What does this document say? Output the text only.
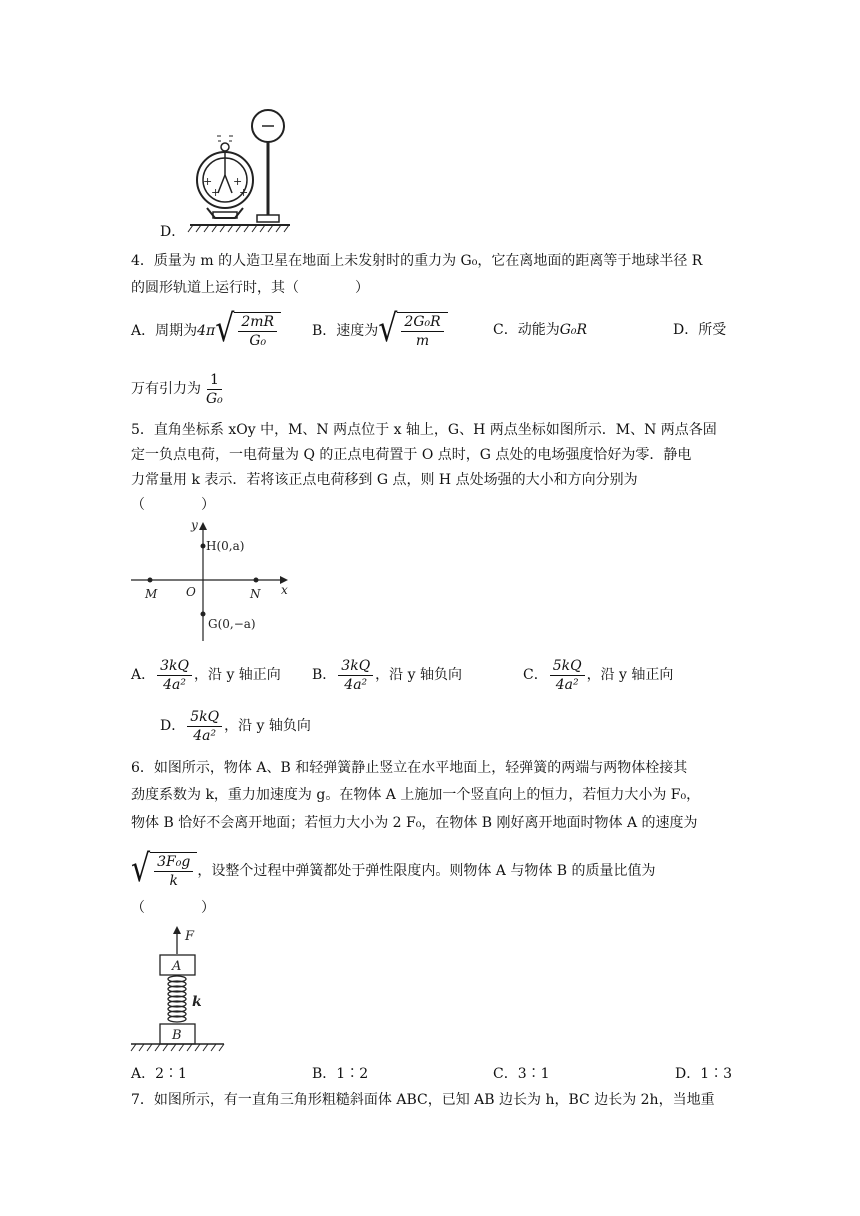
+
+
+
+
D．
4．质量为 m 的人造卫星在地面上未发射时的重力为 G₀，它在离地面的距离等于地球半径 R
的圆形轨道上运行时，其（　　　　）
A．周期为 4π √ $\frac{2mR}{\text{G₀}}$ B．速度为 √ $\frac{\text{2G₀R}}{m}$	C．动能为G₀R	D．所受
万有引力为 $\frac{1}{\text{G₀}}$
5．直角坐标系 xOy 中，M、N 两点位于 x 轴上，G、H 两点坐标如图所示．M、N 两点各固
定一负点电荷，一电荷量为 Q 的正点电荷置于 O 点时，G 点处的电场强度恰好为零．静电
力常量用 k 表示．若将该正点电荷移到 G 点，则 H 点处场强的大小和方向分别为
（　　　　）
y
x
H(0,a)
G(0,−a)
O
M	N
A． $\frac{3kQ}{\text{4a²}}$ ，沿 y 轴正向 B． $\frac{3kQ}{\text{4a²}}$ ，沿 y 轴负向	C． $\frac{5kQ}{\text{4a²}}$ ，沿 y 轴正向
D． $\frac{5kQ}{\text{4a²}}$ ，沿 y 轴负向
6．如图所示，物体 A、B 和轻弹簧静止竖立在水平地面上，轻弹簧的两端与两物体栓接其
劲度系数为 k，重力加速度为 g。在物体 A 上施加一个竖直向上的恒力，若恒力大小为 F₀，
物体 B 恰好不会离开地面；若恒力大小为 2 F₀，在物体 B 刚好离开地面时物体 A 的速度为
√ $\frac{\text{3F₀g}}{k}$ ，设整个过程中弹簧都处于弹性限度内。则物体 A 与物体 B 的质量比值为
（　　　　）
F
A
k
B
A．2∶1	B．1∶2	C．3∶1	D．1∶3
7．如图所示，有一直角三角形粗糙斜面体 ABC，已知 AB 边长为 h，BC 边长为 2h，当地重
